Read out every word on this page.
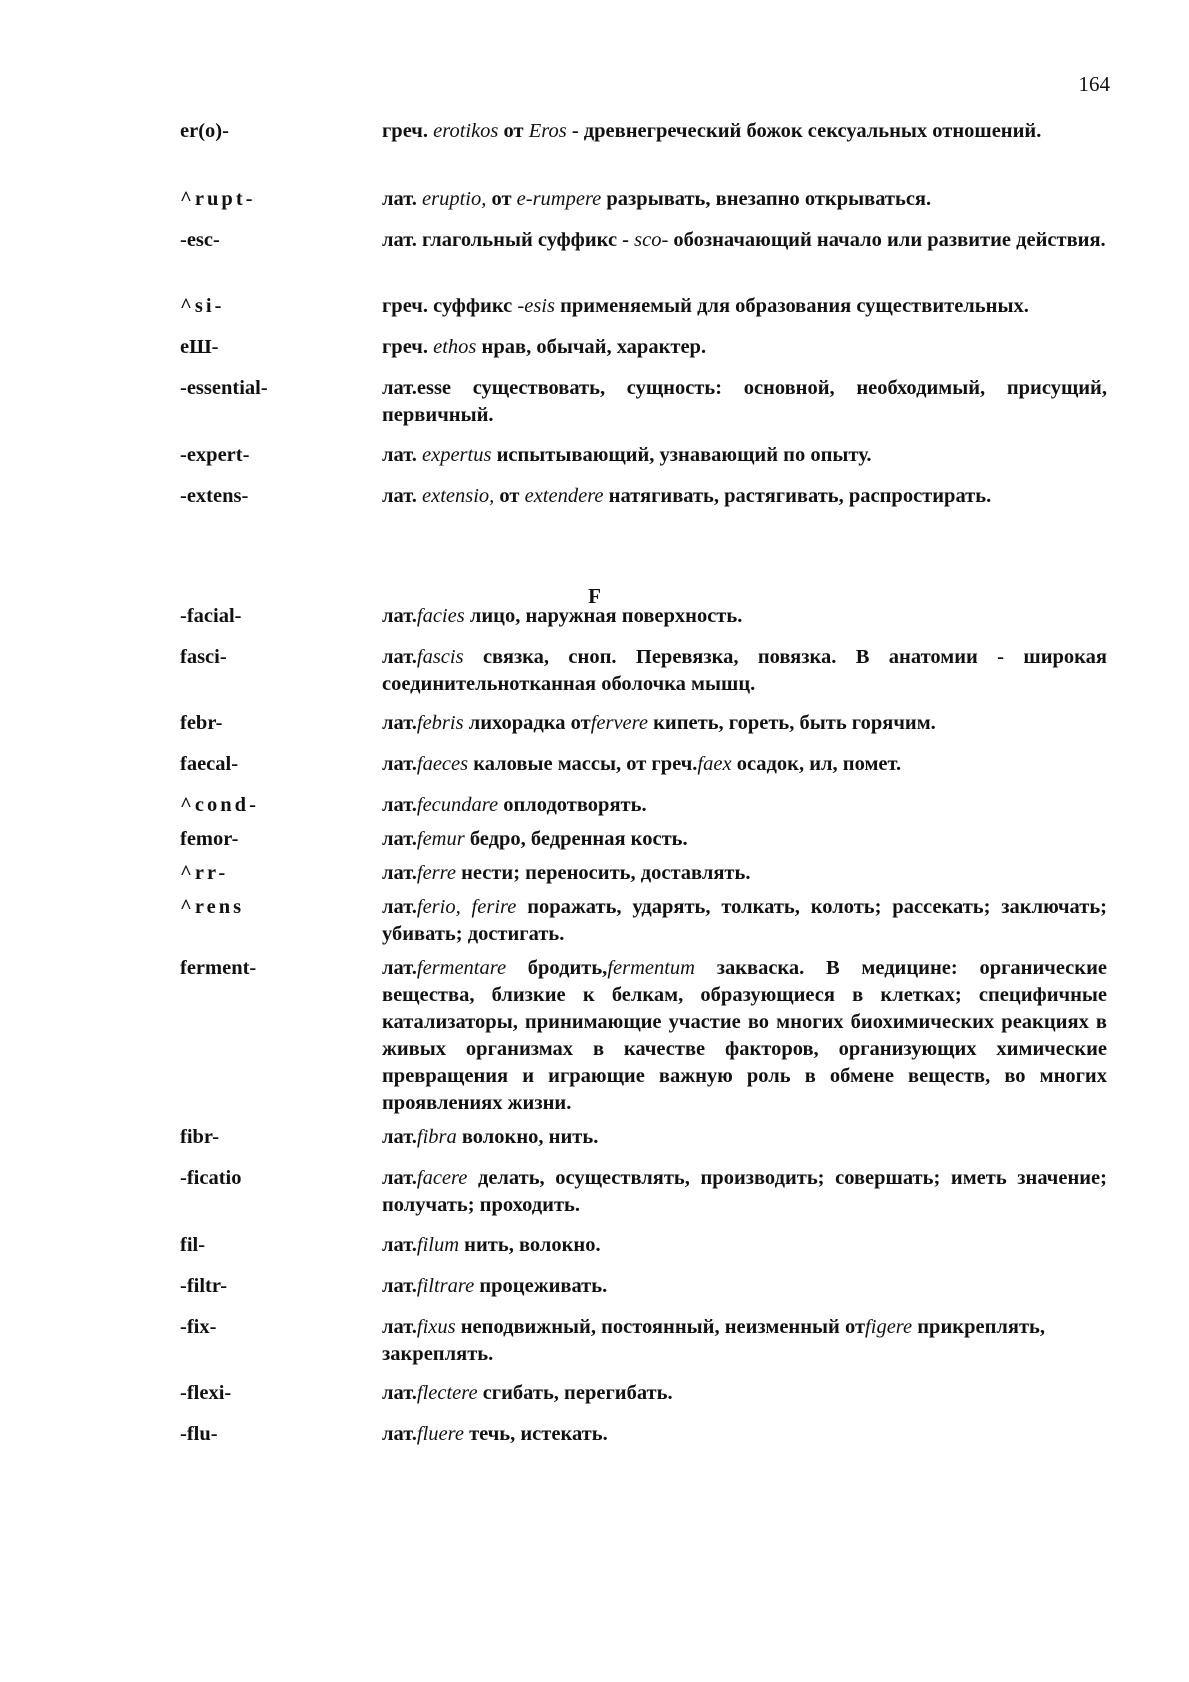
164
F
er(o)-	греч. erotikos от Eros - древнегреческий божок сексуальных отношений.
^rupt-	лат. eruptio, от e-rumpere разрывать, внезапно открываться.
-esc-	лат. глагольный суффикс - sco- обозначающий начало или развитие действия.
^si-	греч. суффикс -esis применяемый для образования существительных.
eШ-	греч. ethos нрав, обычай, характер.
-essential-	лат.esse существовать, сущность: основной, необходимый, присущий, первичный.
-expert-	лат. expertus испытывающий, узнавающий по опыту.
-extens-	лат. extensio, от extendere натягивать, растягивать, распростирать.
-facial-	лат.facies лицо, наружная поверхность.
fasci-	лат.fascis связка, сноп. Перевязка, повязка. В анатомии - широкая соединительнотканная оболочка мышц.
febr-	лат.febris лихорадка отfervere кипеть, гореть, быть горячим.
faecal-	лат.faeces каловые массы, от греч.faex осадок, ил, помет.
^cond-	лат.fecundare оплодотворять.
femor-	лат.femur бедро, бедренная кость.
^rr-	лат.ferre нести; переносить, доставлять.
^rens	лат.ferio, ferire поражать, ударять, толкать, колоть; рассекать; заключать; убивать; достигать.
ferment-	лат.fermentare бродить,fermentum закваска. В медицине: органические вещества, близкие к белкам, образующиеся в клетках; специфичные катализаторы, принимающие участие во многих биохимических реакциях в живых организмах в качестве факторов, организующих химические превращения и играющие важную роль в обмене веществ, во многих проявлениях жизни.
fibr-	лат.fibra волокно, нить.
-ficatio	лат.facere делать, осуществлять, производить; совершать; иметь значение; получать; проходить.
fil-	лат.filum нить, волокно.
-filtr-	лат.filtrare процеживать.
-fix-	лат.fixus неподвижный, постоянный, неизменный отfigere прикреплять, закреплять.
-flexi-	лат.flectere сгибать, перегибать.
-flu-	лат.fluere течь, истекать.
